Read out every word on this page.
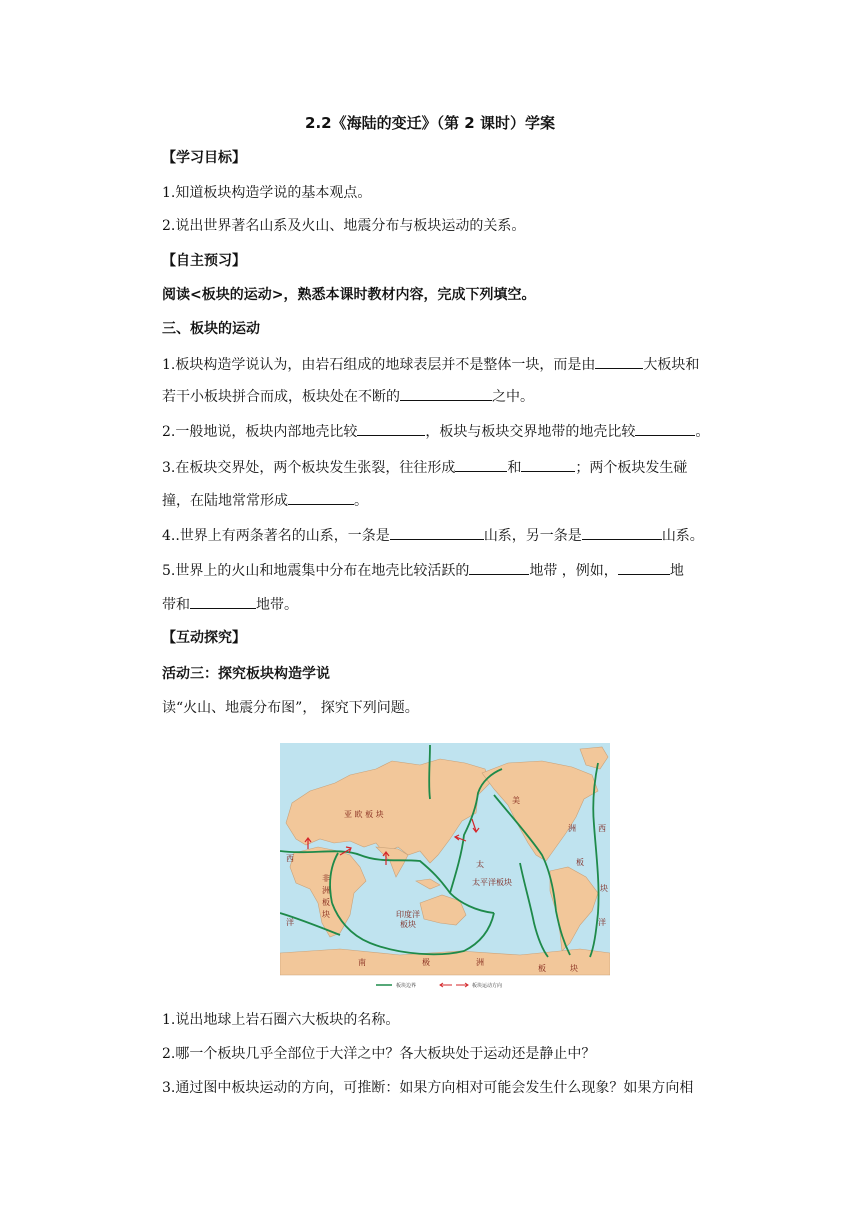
2.2《海陆的变迁》（第 2 课时）学案
【学习目标】
1.知道板块构造学说的基本观点。
2.说出世界著名山系及火山、地震分布与板块运动的关系。
【自主预习】
阅读<板块的运动>，熟悉本课时教材内容，完成下列填空。
三、板块的运动
1.板块构造学说认为，由岩石组成的地球表层并不是整体一块，而是由	大板块和
若干小板块拼合而成，板块处在不断的	之中。
2.一般地说，板块内部地壳比较	，板块与板块交界地带的地壳比较	。
3.在板块交界处，两个板块发生张裂，往往形成	和	；两个板块发生碰
撞，在陆地常常形成	。
4..世界上有两条著名的山系，一条是	山系，另一条是	山系。
5.世界上的火山和地震集中分布在地壳比较活跃的	地带 ，例如，	地
带和	地带。
【互动探究】
活动三：探究板块构造学说
读“火山、地震分布图”， 探究下列问题。
亚 欧 板 块
美
洲
板
块
非
洲
板
块
太平洋板块
印度洋
板块
南	极	洲
板	块
西
洋
太
西
洋
板块边界	板块运动方向
1.说出地球上岩石圈六大板块的名称。
2.哪一个板块几乎全部位于大洋之中？各大板块处于运动还是静止中？
3.通过图中板块运动的方向，可推断：如果方向相对可能会发生什么现象？如果方向相
